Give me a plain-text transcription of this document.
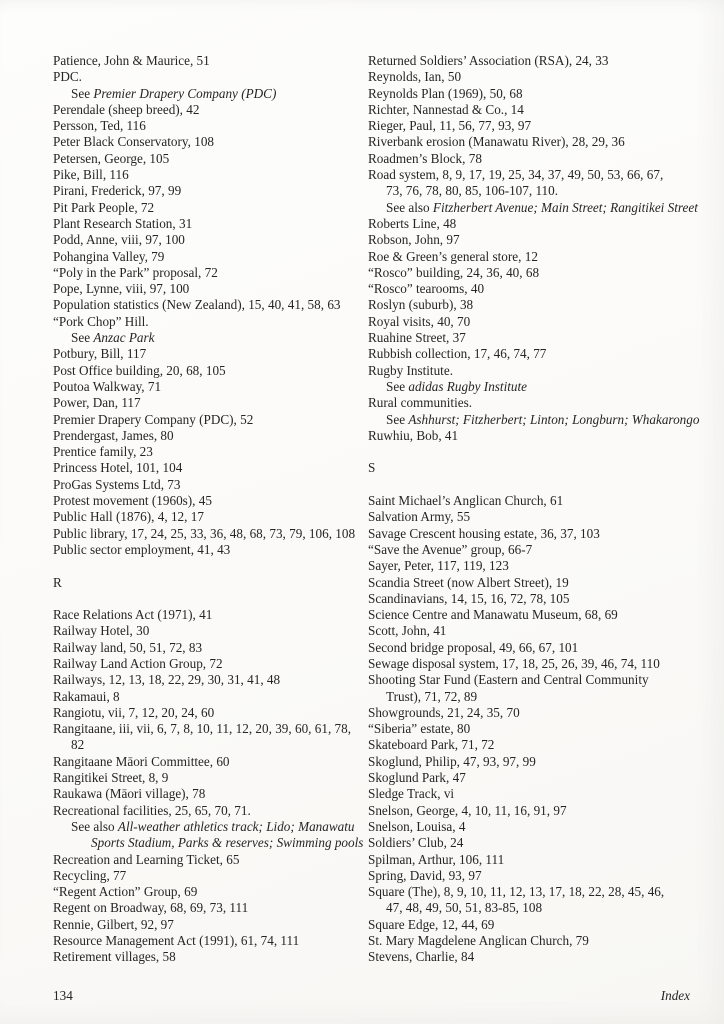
Patience, John & Maurice, 51
PDC.
See Premier Drapery Company (PDC)
Perendale (sheep breed), 42
Persson, Ted, 116
Peter Black Conservatory, 108
Petersen, George, 105
Pike, Bill, 116
Pirani, Frederick, 97, 99
Pit Park People, 72
Plant Research Station, 31
Podd, Anne, viii, 97, 100
Pohangina Valley, 79
“Poly in the Park” proposal, 72
Pope, Lynne, viii, 97, 100
Population statistics (New Zealand), 15, 40, 41, 58, 63
“Pork Chop” Hill.
See Anzac Park
Potbury, Bill, 117
Post Office building, 20, 68, 105
Poutoa Walkway, 71
Power, Dan, 117
Premier Drapery Company (PDC), 52
Prendergast, James, 80
Prentice family, 23
Princess Hotel, 101, 104
ProGas Systems Ltd, 73
Protest movement (1960s), 45
Public Hall (1876), 4, 12, 17
Public library, 17, 24, 25, 33, 36, 48, 68, 73, 79, 106, 108
Public sector employment, 41, 43
R
Race Relations Act (1971), 41
Railway Hotel, 30
Railway land, 50, 51, 72, 83
Railway Land Action Group, 72
Railways, 12, 13, 18, 22, 29, 30, 31, 41, 48
Rakamaui, 8
Rangiotu, vii, 7, 12, 20, 24, 60
Rangitaane, iii, vii, 6, 7, 8, 10, 11, 12, 20, 39, 60, 61, 78,
82
Rangitaane Māori Committee, 60
Rangitikei Street, 8, 9
Raukawa (Māori village), 78
Recreational facilities, 25, 65, 70, 71.
See also All-weather athletics track; Lido; Manawatu
Sports Stadium, Parks & reserves; Swimming pools
Recreation and Learning Ticket, 65
Recycling, 77
“Regent Action” Group, 69
Regent on Broadway, 68, 69, 73, 111
Rennie, Gilbert, 92, 97
Resource Management Act (1991), 61, 74, 111
Retirement villages, 58
Returned Soldiers’ Association (RSA), 24, 33
Reynolds, Ian, 50
Reynolds Plan (1969), 50, 68
Richter, Nannestad & Co., 14
Rieger, Paul, 11, 56, 77, 93, 97
Riverbank erosion (Manawatu River), 28, 29, 36
Roadmen’s Block, 78
Road system, 8, 9, 17, 19, 25, 34, 37, 49, 50, 53, 66, 67,
73, 76, 78, 80, 85, 106-107, 110.
See also Fitzherbert Avenue; Main Street; Rangitikei Street
Roberts Line, 48
Robson, John, 97
Roe & Green’s general store, 12
“Rosco” building, 24, 36, 40, 68
“Rosco” tearooms, 40
Roslyn (suburb), 38
Royal visits, 40, 70
Ruahine Street, 37
Rubbish collection, 17, 46, 74, 77
Rugby Institute.
See adidas Rugby Institute
Rural communities.
See Ashhurst; Fitzherbert; Linton; Longburn; Whakarongo
Ruwhiu, Bob, 41
S
Saint Michael’s Anglican Church, 61
Salvation Army, 55
Savage Crescent housing estate, 36, 37, 103
“Save the Avenue” group, 66-7
Sayer, Peter, 117, 119, 123
Scandia Street (now Albert Street), 19
Scandinavians, 14, 15, 16, 72, 78, 105
Science Centre and Manawatu Museum, 68, 69
Scott, John, 41
Second bridge proposal, 49, 66, 67, 101
Sewage disposal system, 17, 18, 25, 26, 39, 46, 74, 110
Shooting Star Fund (Eastern and Central Community
Trust), 71, 72, 89
Showgrounds, 21, 24, 35, 70
“Siberia” estate, 80
Skateboard Park, 71, 72
Skoglund, Philip, 47, 93, 97, 99
Skoglund Park, 47
Sledge Track, vi
Snelson, George, 4, 10, 11, 16, 91, 97
Snelson, Louisa, 4
Soldiers’ Club, 24
Spilman, Arthur, 106, 111
Spring, David, 93, 97
Square (The), 8, 9, 10, 11, 12, 13, 17, 18, 22, 28, 45, 46,
47, 48, 49, 50, 51, 83-85, 108
Square Edge, 12, 44, 69
St. Mary Magdelene Anglican Church, 79
Stevens, Charlie, 84
134	Index
